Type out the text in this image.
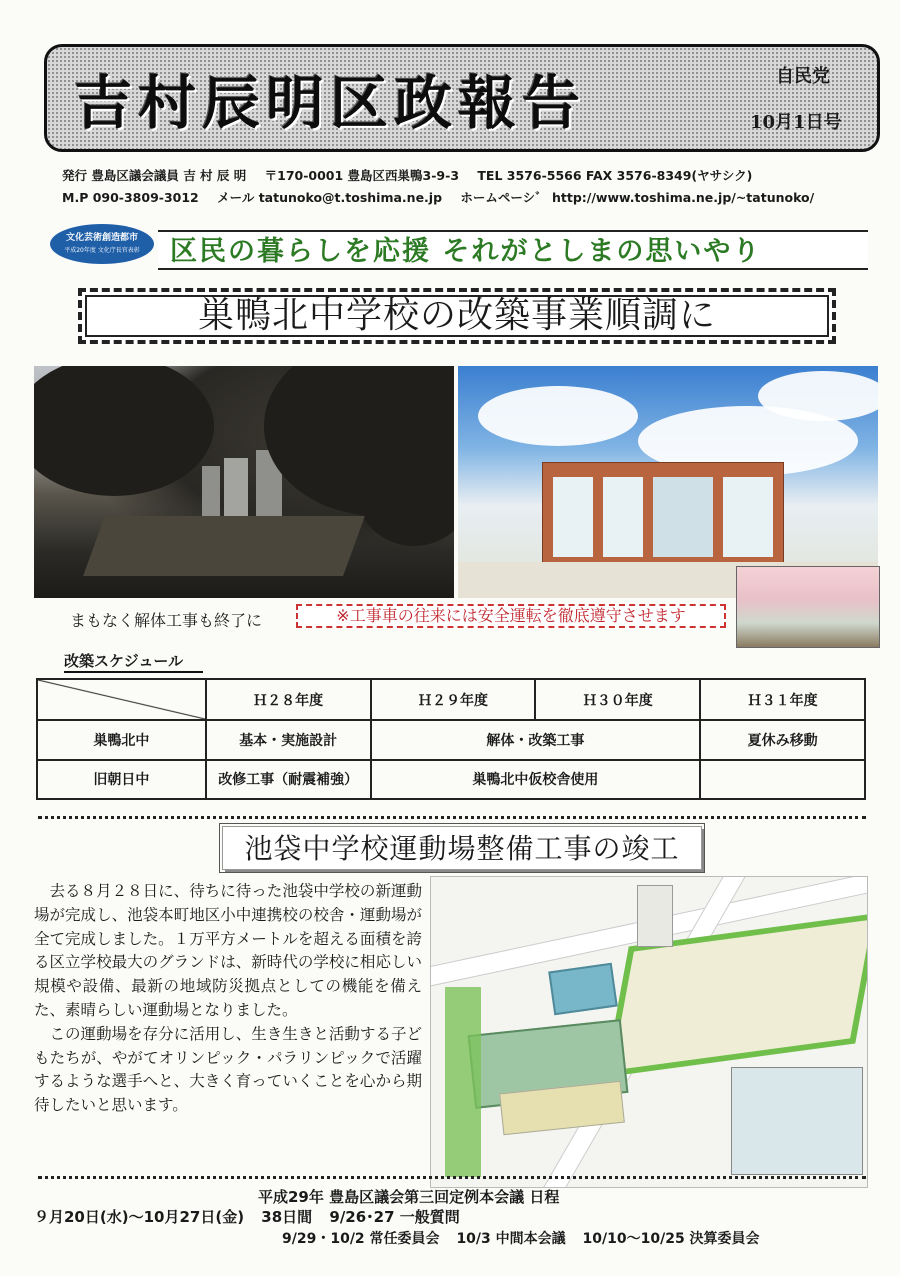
吉村辰明区政報告	自民党
10月1日号
発行 豊島区議会議員 吉 村 辰 明 〒170-0001 豊島区西巣鴨3-9-3 TEL 3576-5566 FAX 3576-8349(ヤサシク)
M.P 090-3809-3012 メール tatunoko@t.toshima.ne.jp ホームペーシ゛ http://www.toshima.ne.jp/~tatunoko/
文化芸術創造都市
平成20年度 文化庁長官表彰	区民の暮らしを応援 それがとしまの思いやり
巣鴨北中学校の改築事業順調に
まもなく解体工事も終了に	※工事車の往来には安全運転を徹底遵守させます
改築スケジュール
	Ｈ２８年度	Ｈ２９年度	Ｈ３０年度	Ｈ３１年度
巣鴨北中	基本・実施設計	解体・改築工事		夏休み移動
旧朝日中	改修工事（耐震補強）	巣鴨北中仮校舎使用		
池袋中学校運動場整備工事の竣工

去る８月２８日に、待ちに待った池袋中学校の新運動場が完成し、池袋本町地区小中連携校の校舎・運動場が全て完成しました。１万平方メートルを超える面積を誇る区立学校最大のグランドは、新時代の学校に相応しい規模や設備、最新の地域防災拠点としての機能を備えた、素晴らしい運動場となりました。

この運動場を存分に活用し、生き生きと活動する子どもたちが、やがてオリンピック・パラリンピックで活躍するような選手へと、大きく育っていくことを心から期待したいと思います。

平成29年 豊島区議会第三回定例本会議 日程
９月20日(水)～10月27日(金) 38日間 9/26･27 一般質問
9/29・10/2 常任委員会 10/3 中間本会議 10/10～10/25 決算委員会
